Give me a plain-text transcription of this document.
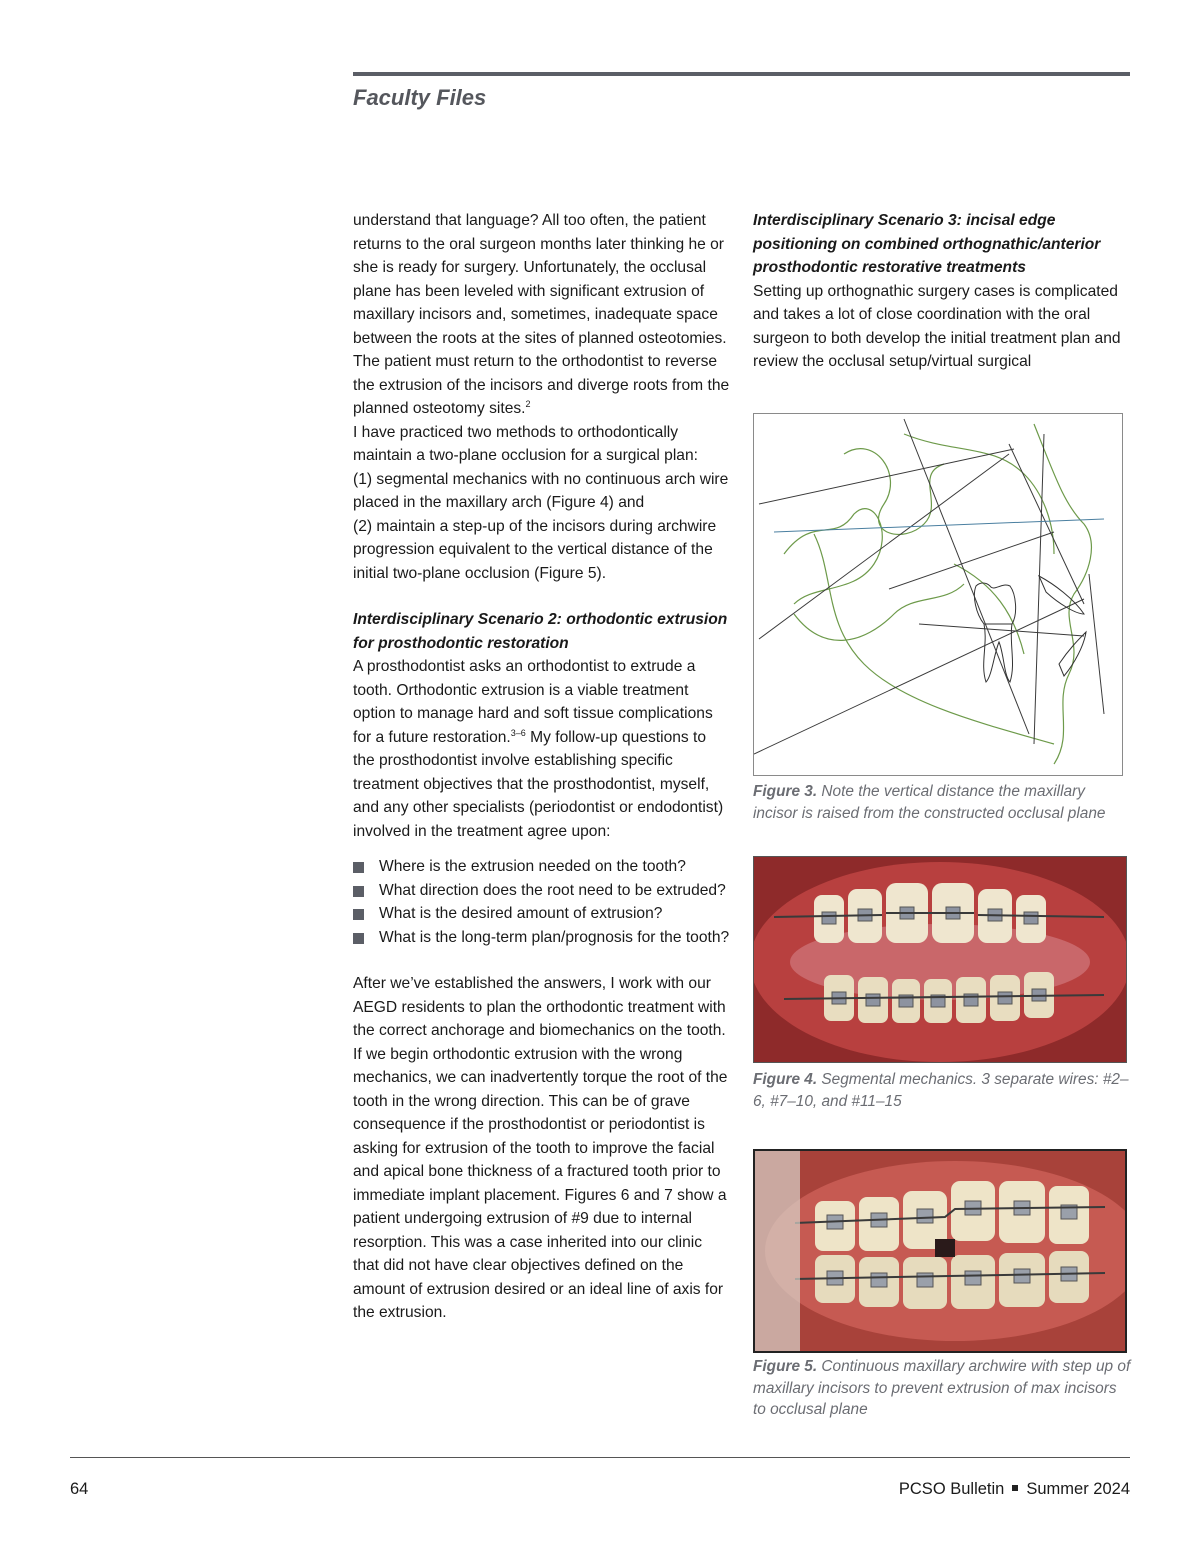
Faculty Files

understand that language? All too often, the patient returns to the oral surgeon months later thinking he or she is ready for surgery. Unfortunately, the occlusal plane has been leveled with significant extrusion of maxillary incisors and, sometimes, inadequate space between the roots at the sites of planned osteotomies. The patient must return to the orthodontist to reverse the extrusion of the incisors and diverge roots from the planned osteotomy sites.$^2$

I have practiced two methods to orthodontically maintain a two-plane occlusion for a surgical plan:

(1) segmental mechanics with no continuous arch wire placed in the maxillary arch (Figure 4) and

(2) maintain a step-up of the incisors during archwire progression equivalent to the vertical distance of the initial two-plane occlusion (Figure 5).

Interdisciplinary Scenario 2: orthodontic extrusion for prosthodontic restoration

A prosthodontist asks an orthodontist to extrude a tooth. Orthodontic extrusion is a viable treatment option to manage hard and soft tissue complications for a future restoration.$^{3-6}$ My follow-up questions to the prosthodontist involve establishing specific treatment objectives that the prosthodontist, myself, and any other specialists (periodontist or endodontist) involved in the treatment agree upon:

Where is the extrusion needed on the tooth?
What direction does the root need to be extruded?
What is the desired amount of extrusion?
What is the long-term plan/prognosis for the tooth?

After we’ve established the answers, I work with our AEGD residents to plan the orthodontic treatment with the correct anchorage and biomechanics on the tooth. If we begin orthodontic extrusion with the wrong mechanics, we can inadvertently torque the root of the tooth in the wrong direction. This can be of grave consequence if the prosthodontist or periodontist is asking for extrusion of the tooth to improve the facial and apical bone thickness of a fractured tooth prior to immediate implant placement. Figures 6 and 7 show a patient undergoing extrusion of #9 due to internal resorption. This was a case inherited into our clinic that did not have clear objectives defined on the amount of extrusion desired or an ideal line of axis for the extrusion.

Interdisciplinary Scenario 3: incisal edge positioning on combined orthognathic/anterior prosthodontic restorative treatments

Setting up orthognathic surgery cases is complicated and takes a lot of close coordination with the oral surgeon to both develop the initial treatment plan and review the occlusal setup/virtual surgical

Figure 3. Note the vertical distance the maxillary incisor is raised from the constructed occlusal plane
Figure 4. Segmental mechanics. 3 separate wires: #2–6, #7–10, and #11–15
Figure 5. Continuous maxillary archwire with step up of maxillary incisors to prevent extrusion of max incisors to occlusal plane
64	PCSO Bulletin Summer 2024
